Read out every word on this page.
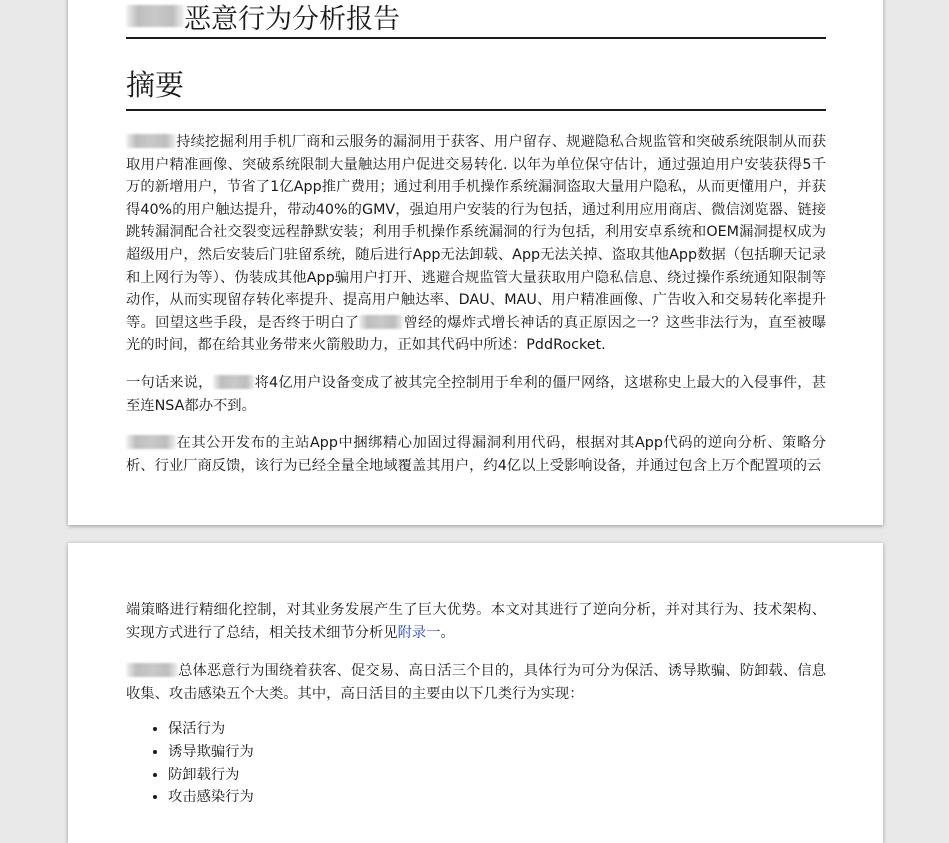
恶意行为分析报告
摘要

持续挖掘利用手机厂商和云服务的漏洞用于获客、用户留存、规避隐私合规监管和突破系统限制从而获取用户精准画像、突破系统限制大量触达用户促进交易转化. 以年为单位保守估计，通过强迫用户安装获得5千万的新增用户，节省了1亿App推广费用；通过利用手机操作系统漏洞盗取大量用户隐私，从而更懂用户，并获得40%的用户触达提升，带动40%的GMV，强迫用户安装的行为包括，通过利用应用商店、微信浏览器、链接跳转漏洞配合社交裂变远程静默安装；利用手机操作系统漏洞的行为包括，利用安卓系统和OEM漏洞提权成为超级用户，然后安装后门驻留系统，随后进行App无法卸载、App无法关掉、盗取其他App数据（包括聊天记录和上网行为等）、伪装成其他App骗用户打开、逃避合规监管大量获取用户隐私信息、绕过操作系统通知限制等动作，从而实现留存转化率提升、提高用户触达率、DAU、MAU、用户精准画像、广告收入和交易转化率提升等。回望这些手段，是否终于明白了	曾经的爆炸式增长神话的真正原因之一？这些非法行为，直至被曝光的时间，都在给其业务带来火箭般助力，正如其代码中所述：PddRocket.

一句话来说，	将4亿用户设备变成了被其完全控制用于牟利的僵尸网络，这堪称史上最大的入侵事件，甚至连NSA都办不到。

在其公开发布的主站App中捆绑精心加固过得漏洞利用代码，根据对其App代码的逆向分析、策略分析、行业厂商反馈，该行为已经全量全地域覆盖其用户，约4亿以上受影响设备，并通过包含上万个配置项的云

端策略进行精细化控制，对其业务发展产生了巨大优势。本文对其进行了逆向分析，并对其行为、技术架构、实现方式进行了总结，相关技术细节分析见附录一。

总体恶意行为围绕着获客、促交易、高日活三个目的，具体行为可分为保活、诱导欺骗、防卸载、信息收集、攻击感染五个大类。其中，高日活目的主要由以下几类行为实现：

• 保活行为
• 诱导欺骗行为
• 防卸载行为
• 攻击感染行为
